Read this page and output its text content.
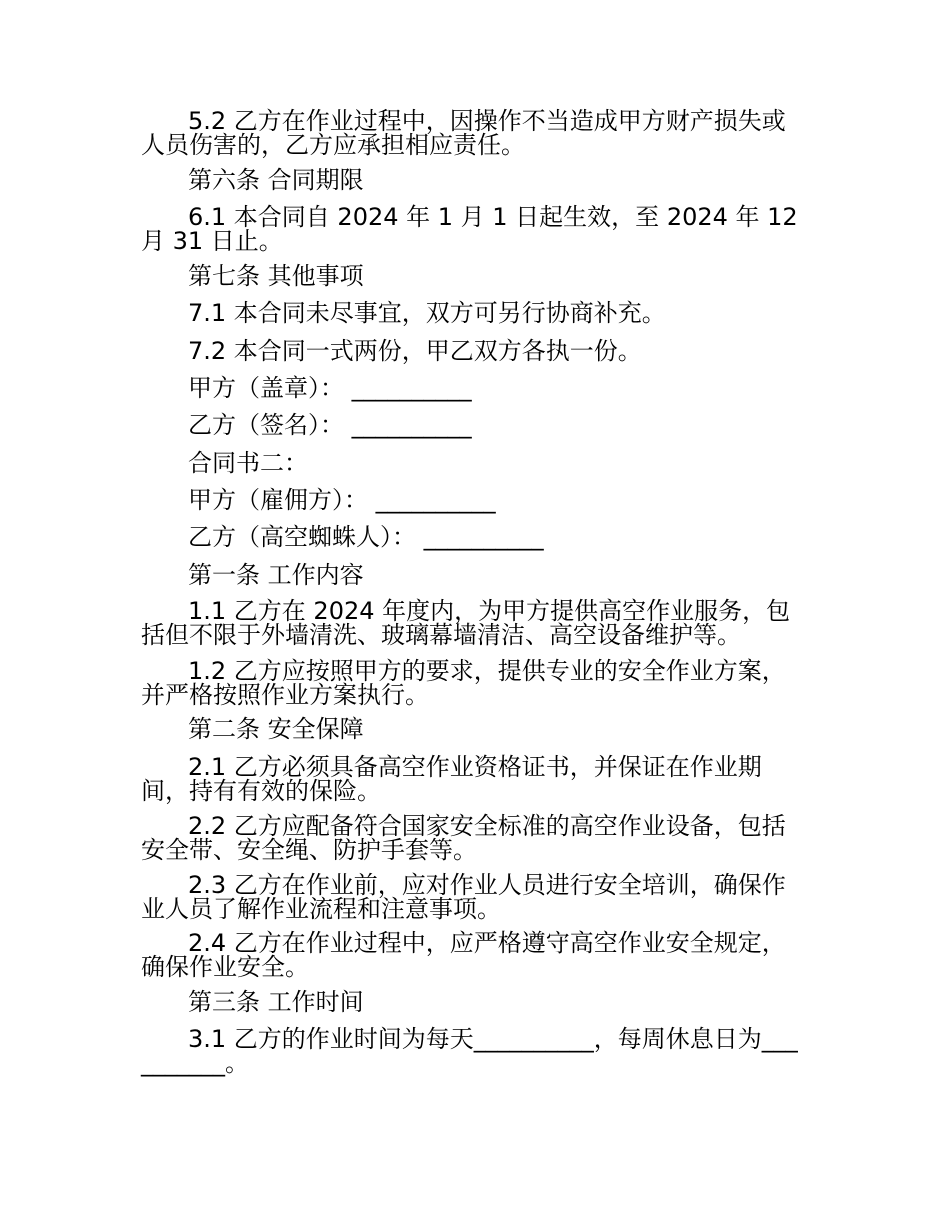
5.2 乙方在作业过程中，因操作不当造成甲方财产损失或人员伤害的，乙方应承担相应责任。

第六条 合同期限

6.1 本合同自 2024 年 1 月 1 日起生效，至 2024 年 12 月 31 日止。

第七条 其他事项

7.1 本合同未尽事宜，双方可另行协商补充。

7.2 本合同一式两份，甲乙双方各执一份。

甲方（盖章）： __________

乙方（签名）： __________

合同书二：

甲方（雇佣方）： __________

乙方（高空蜘蛛人）： __________

第一条 工作内容

1.1 乙方在 2024 年度内，为甲方提供高空作业服务，包括但不限于外墙清洗、玻璃幕墙清洁、高空设备维护等。

1.2 乙方应按照甲方的要求，提供专业的安全作业方案，并严格按照作业方案执行。

第二条 安全保障

2.1 乙方必须具备高空作业资格证书，并保证在作业期间，持有有效的保险。

2.2 乙方应配备符合国家安全标准的高空作业设备，包括安全带、安全绳、防护手套等。

2.3 乙方在作业前，应对作业人员进行安全培训，确保作业人员了解作业流程和注意事项。

2.4 乙方在作业过程中，应严格遵守高空作业安全规定，确保作业安全。

第三条 工作时间

3.1 乙方的作业时间为每天__________，每周休息日为__________。
